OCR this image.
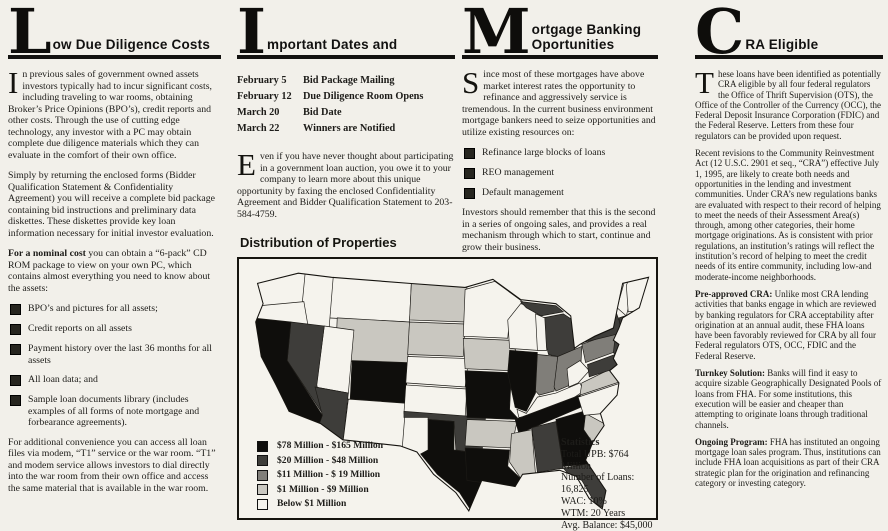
L ow Due Diligence Costs

In previous sales of government owned assets investors typically had to incur significant costs, including traveling to war rooms, obtaining Broker’s Price Opinions (BPO’s), credit reports and other costs. Through the use of cutting edge technology, any investor with a PC may obtain complete due diligence materials which they can evaluate in the comfort of their own office.

Simply by returning the enclosed forms (Bidder Qualification Statement & Confidentiality Agreement) you will receive a complete bid package containing bid instructions and preliminary data diskettes. These diskettes provide key loan information necessary for initial investor evaluation.

For a nominal cost you can obtain a “6-pack” CD ROM package to view on your own PC, which contains almost everything you need to know about the assets:

BPO’s and pictures for all assets;
Credit reports on all assets
Payment history over the last 36 months for all assets
All loan data; and
Sample loan documents library (includes examples of all forms of note mortgage and forbearance agreements).

For additional convenience you can access all loan files via modem, “T1” service or the war room. “T1” and modem service allows investors to dial directly into the war room from their own office and access the same material that is available in the war room.

I mportant Dates and
February 5	Bid Package Mailing
February 12	Due Diligence Room Opens
March 20	Bid Date
March 22	Winners are Notified

Even if you have never thought about participating in a government loan auction, you owe it to your company to learn more about this unique opportunity by faxing the enclosed Confidentiality Agreement and Bidder Qualification Statement to 203-584-4759.

M ortgage Banking
Oportunities

Since most of these mortgages have above market interest rates the opportunity to refinance and aggressively service is tremendous. In the current business environment mortgage bankers need to seize opportunities and utilize existing resources on:

Refinance large blocks of loans
REO management
Default management

Investors should remember that this is the second in a series of ongoing sales, and provides a real mechanism through which to start, continue and grow their business.

C RA Eligible

These loans have been identified as potentially CRA eligible by all four federal regulators the Office of Thrift Supervision (OTS), the Office of the Controller of the Currency (OCC), the Federal Deposit Insurance Corporation (FDIC) and the Federal Reserve. Letters from these four regulators can be provided upon request.

Recent revisions to the Community Reinvestment Act (12 U.S.C. 2901 et seq., “CRA”) effective July 1, 1995, are likely to create both needs and opportunities in the lending and investment communities. Under CRA’s new regulations banks are evaluated with respect to their record of helping to meet the needs of their Assessment Area(s) through, among other categories, their home mortgage originations. As is consistent with prior regulations, an institution’s ratings will reflect the institution’s record of helping to meet the credit needs of its entire community, including low-and moderate-income neighborhoods.

Pre-approved CRA: Unlike most CRA lending activities that banks engage in which are reviewed by banking regulators for CRA acceptability after origination at an annual audit, these FHA loans have been favorably reviewed for CRA by all four Federal regulators OTS, OCC, FDIC and the Federal Reserve.

Turnkey Solution: Banks will find it easy to acquire sizable Geographically Designated Pools of loans from FHA. For some institutions, this execution will be easier and cheaper than attempting to originate loans through traditional channels.

Ongoing Program: FHA has instituted an ongoing mortgage loan sales program. Thus, institutions can include FHA loan acquisitions as part of their CRA strategic plan for the origination and refinancing category or investing category.

Distribution of Properties
$78 Million - $165 Million
$20 Million - $48 Million
$11 Million - $ 19 Million
$1 Million - $9 Million
Below $1 Million
Statistics
Total UPB: $764 Million
Number of Loans: 16,825
WAC: 10%
WTM: 20 Years
Avg. Balance: $45,000
